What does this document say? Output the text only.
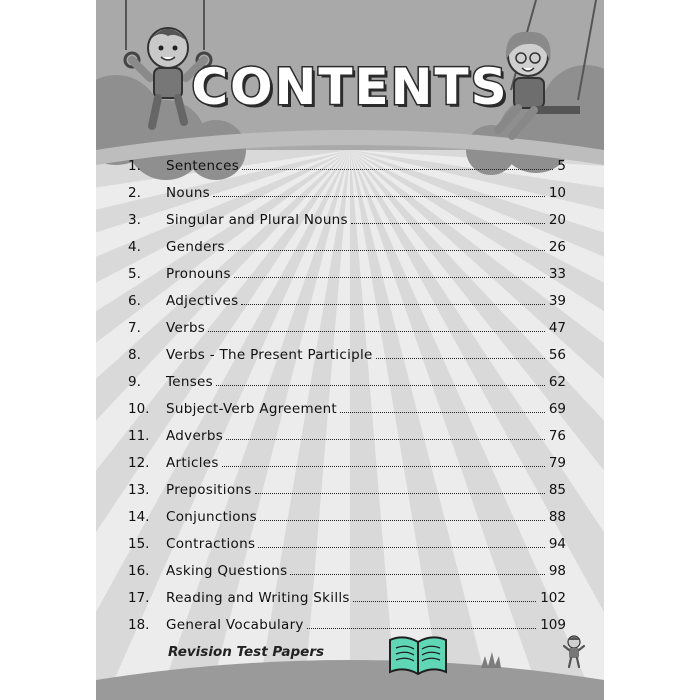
CONTENTS
1.	Sentences	5
2.	Nouns	10
3.	Singular and Plural Nouns	20
4.	Genders	26
5.	Pronouns	33
6.	Adjectives	39
7.	Verbs	47
8.	Verbs - The Present Participle	56
9.	Tenses	62
10.	Subject-Verb Agreement	69
11.	Adverbs	76
12.	Articles	79
13.	Prepositions	85
14.	Conjunctions	88
15.	Contractions	94
16.	Asking Questions	98
17.	Reading and Writing Skills	102
18.	General Vocabulary	109
Revision Test Papers
